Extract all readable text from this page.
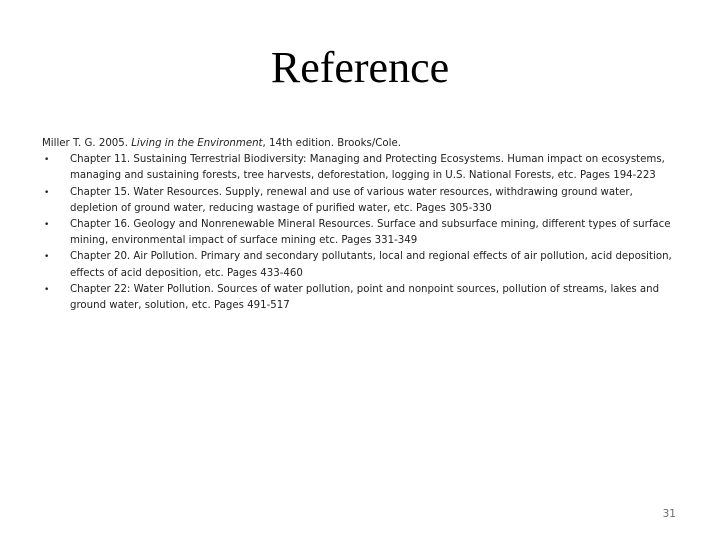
Reference

Miller T. G. 2005. Living in the Environment, 14th edition. Brooks/Cole.

• Chapter 11. Sustaining Terrestrial Biodiversity: Managing and Protecting Ecosystems. Human impact on ecosystems, managing and sustaining forests, tree harvests, deforestation, logging in U.S. National Forests, etc. Pages 194-223
• Chapter 15. Water Resources. Supply, renewal and use of various water resources, withdrawing ground water, depletion of ground water, reducing wastage of purified water, etc. Pages 305-330
• Chapter 16. Geology and Nonrenewable Mineral Resources. Surface and subsurface mining, different types of surface mining, environmental impact of surface mining etc. Pages 331-349
• Chapter 20. Air Pollution. Primary and secondary pollutants, local and regional effects of air pollution, acid deposition, effects of acid deposition, etc. Pages 433-460
• Chapter 22: Water Pollution. Sources of water pollution, point and nonpoint sources, pollution of streams, lakes and ground water, solution, etc. Pages 491-517
31
